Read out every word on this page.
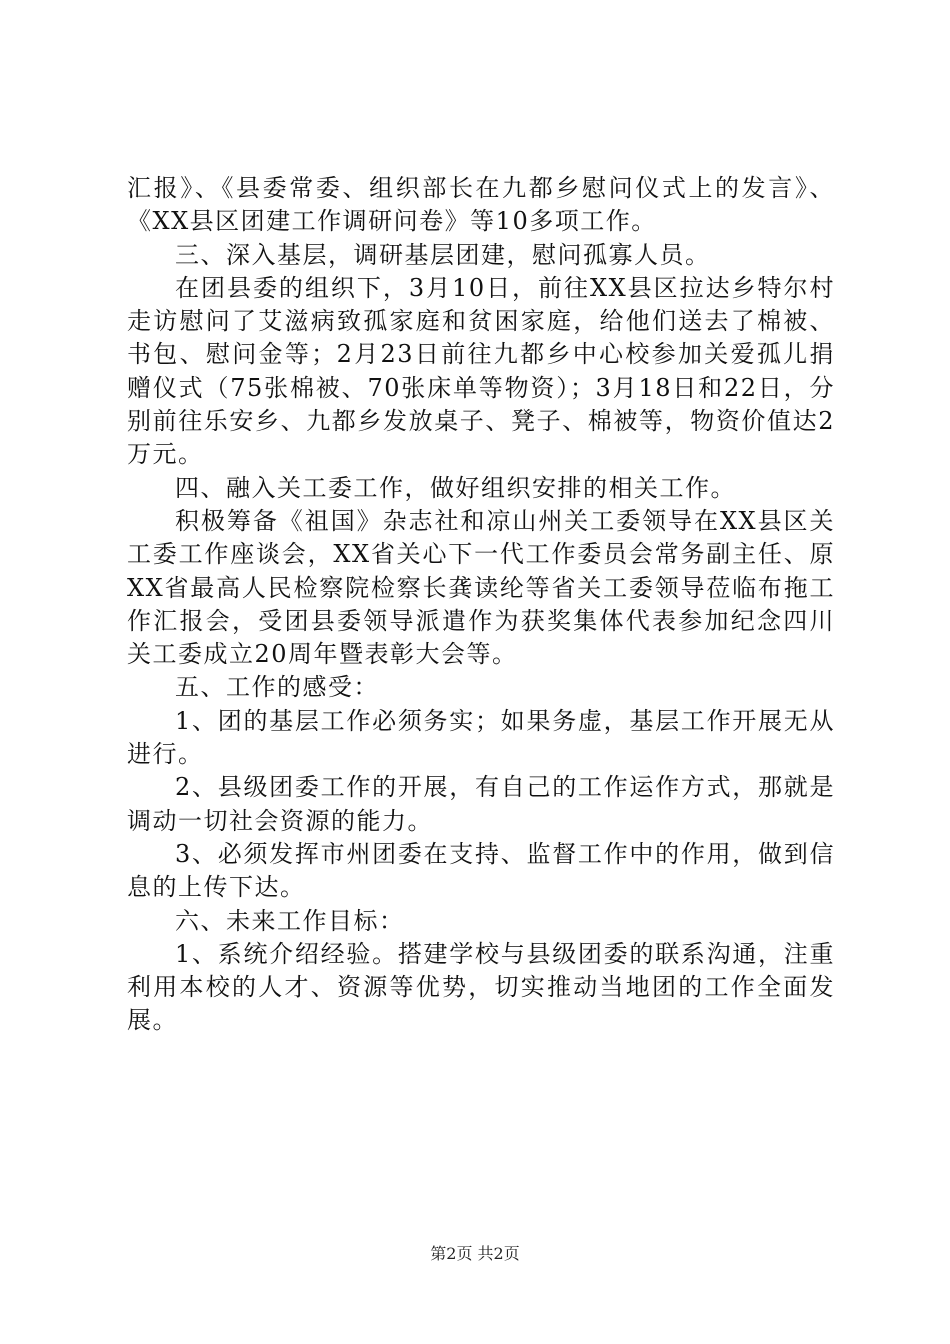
汇报》、《县委常委、组织部长在九都乡慰问仪式上的发言》、《XX县区团建工作调研问卷》等10多项工作。

三、深入基层，调研基层团建，慰问孤寡人员。

在团县委的组织下，3月10日，前往XX县区拉达乡特尔村走访慰问了艾滋病致孤家庭和贫困家庭，给他们送去了棉被、书包、慰问金等；2月23日前往九都乡中心校参加关爱孤儿捐赠仪式（75张棉被、70张床单等物资）；3月18日和22日，分别前往乐安乡、九都乡发放桌子、凳子、棉被等，物资价值达2万元。

四、融入关工委工作，做好组织安排的相关工作。

积极筹备《祖国》杂志社和凉山州关工委领导在XX县区关工委工作座谈会，XX省关心下一代工作委员会常务副主任、原XX省最高人民检察院检察长龚读纶等省关工委领导莅临布拖工作汇报会，受团县委领导派遣作为获奖集体代表参加纪念四川关工委成立20周年暨表彰大会等。

五、工作的感受：

1、团的基层工作必须务实；如果务虚，基层工作开展无从进行。

2、县级团委工作的开展，有自己的工作运作方式，那就是调动一切社会资源的能力。

3、必须发挥市州团委在支持、监督工作中的作用，做到信息的上传下达。

六、未来工作目标：

1、系统介绍经验。搭建学校与县级团委的联系沟通，注重利用本校的人才、资源等优势，切实推动当地团的工作全面发展。

第2页 共2页
